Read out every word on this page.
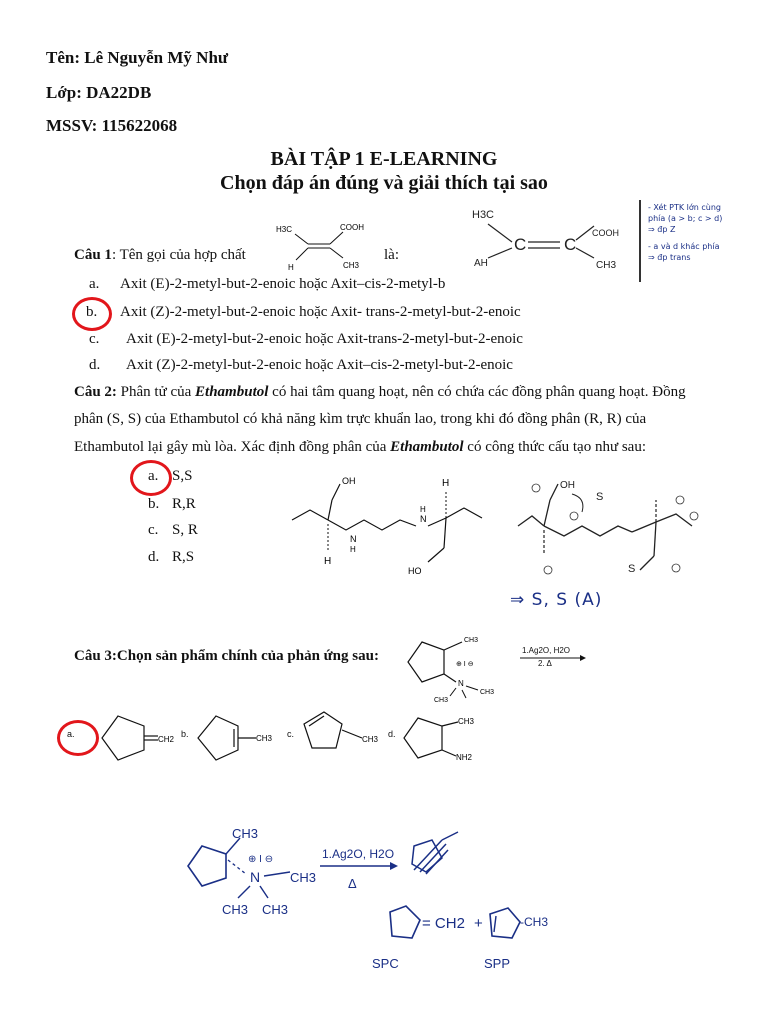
Tên: Lê Nguyễn Mỹ Như
Lớp: DA22DB
MSSV: 115622068
BÀI TẬP 1 E-LEARNING
Chọn đáp án đúng và giải thích tại sao
Câu 1: Tên gọi của hợp chất	là:
H3C	COOH
H	CH3
a. Axit (E)-2-metyl-but-2-enoic hoặc Axit–cis-2-metyl-b
b. Axit (Z)-2-metyl-but-2-enoic hoặc Axit- trans-2-metyl-but-2-enoic
c. Axit (E)-2-metyl-but-2-enoic hoặc Axit-trans-2-metyl-but-2-enoic
d. Axit (Z)-2-metyl-but-2-enoic hoặc Axit–cis-2-metyl-but-2-enoic
H3C
AH
C C
COOH
CH3
- Xét PTK lớn cùng
phía (a > b; c > d)
⇒ đp Z
- a và d khác phía
⇒ đp trans
Câu 2: Phân tử của Ethambutol có hai tâm quang hoạt, nên có chứa các đồng phân quang hoạt. Đồng
phân (S, S) của Ethambutol có khả năng kìm trực khuẩn lao, trong khi đó đồng phân (R, R) của
Ethambutol lại gây mù lòa. Xác định đồng phân của Ethambutol có công thức cấu tạo như sau:
a. S,S
b. R,R
c. S, R
d. R,S
OH
H
N
H
N
H
H
HO
OH
S
S
⇒ S, S (A)
Câu 3:Chọn sản phẩm chính của phản ứng sau:
CH3
⊕ I ⊖
N
CH3
CH3
1.Ag2O, H2O
2. Δ
a.
CH2
b.	CH3 c.
CH3
d.
CH3
NH2
CH3
⊕ I ⊖
N CH3
CH3 CH3
1.Ag2O, H2O
Δ
= CH2 +	-CH3
SPC	SPP
